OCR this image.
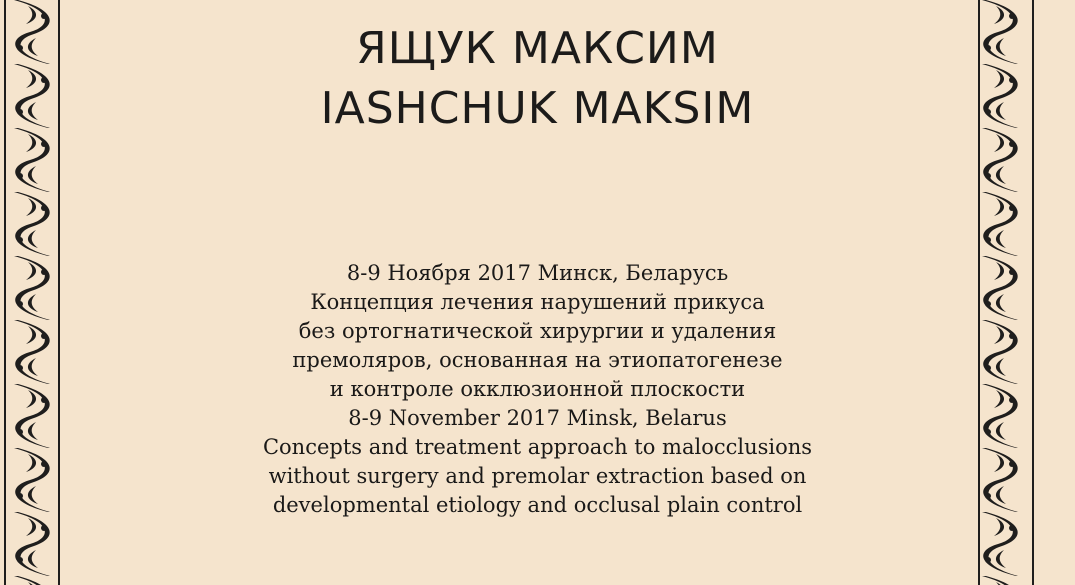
ЯЩУК МАКСИМ
IASHCHUK MAKSIM
8-9 Ноября 2017 Минск, Беларусь
Концепция лечения нарушений прикуса
без ортогнатической хирургии и удаления
премоляров, основанная на этиопатогенезе
и контроле окклюзионной плоскости
8-9 November 2017 Minsk, Belarus
Concepts and treatment approach to malocclusions
without surgery and premolar extraction based on
developmental etiology and occlusal plain control
